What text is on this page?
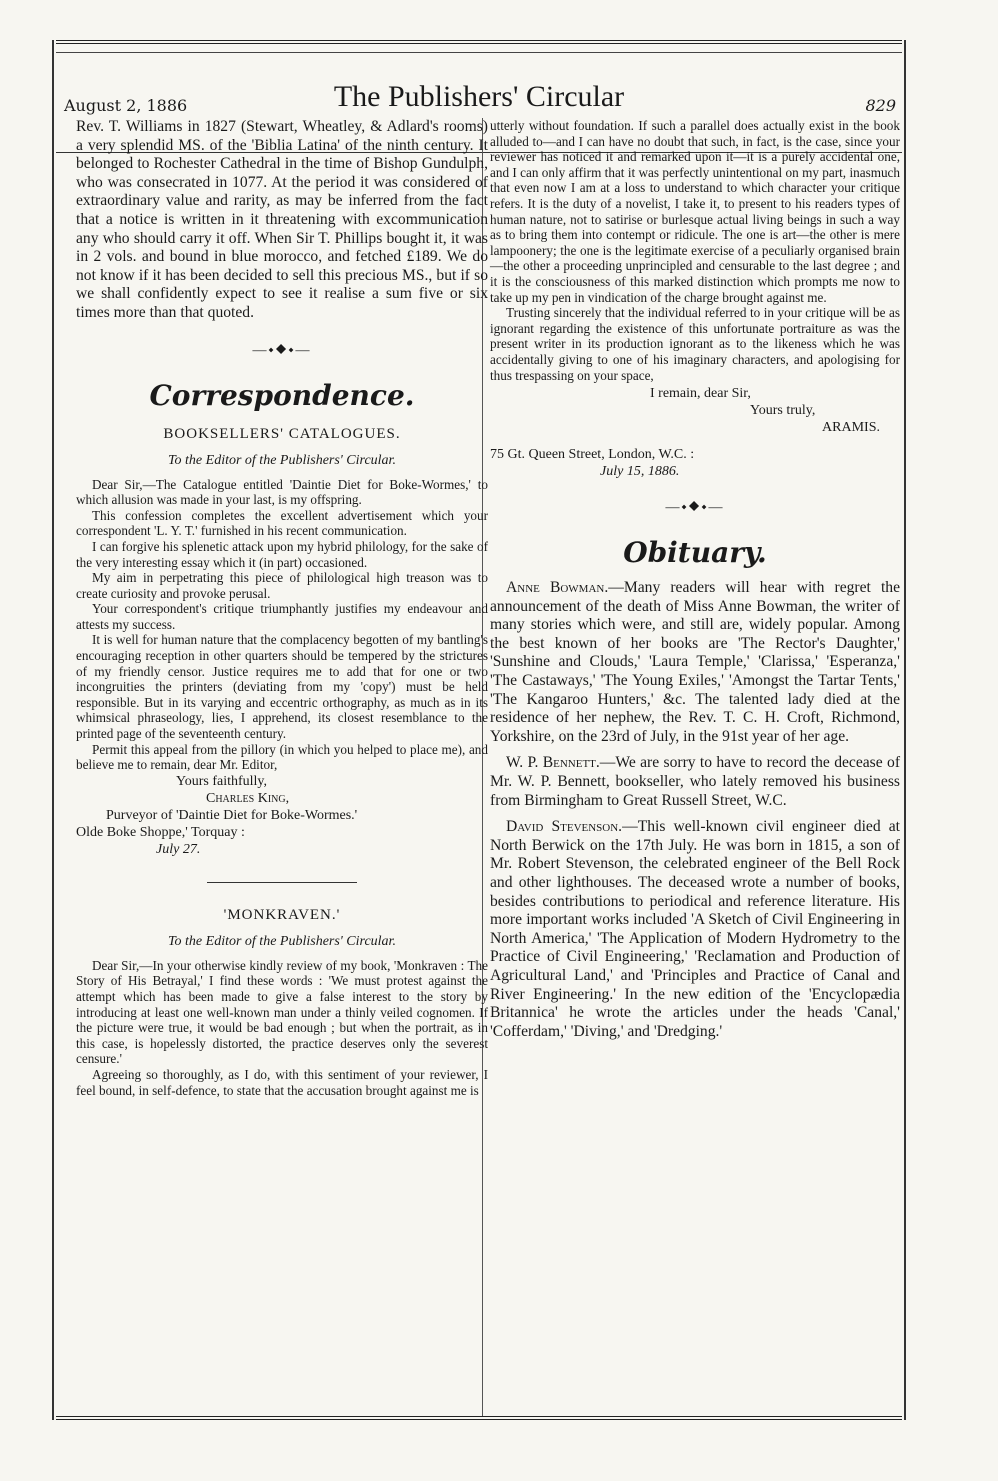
August 2, 1886	The Publishers' Circular	829

Rev. T. Williams in 1827 (Stewart, Wheatley, & Adlard's rooms) a very splendid MS. of the 'Biblia Latina' of the ninth century. It belonged to Rochester Cathedral in the time of Bishop Gundulph, who was consecrated in 1077. At the period it was considered of extraordinary value and rarity, as may be inferred from the fact that a notice is written in it threatening with excommunication any who should carry it off. When Sir T. Phillips bought it, it was in 2 vols. and bound in blue morocco, and fetched £189. We do not know if it has been decided to sell this precious MS., but if so we shall confidently expect to see it realise a sum five or six times more than that quoted.

—⬩◆⬩—
Correspondence.
BOOKSELLERS' CATALOGUES.
To the Editor of the Publishers' Circular.

Dear Sir,—The Catalogue entitled 'Daintie Diet for Boke-Wormes,' to which allusion was made in your last, is my offspring.

This confession completes the excellent advertisement which your correspondent 'L. Y. T.' furnished in his recent communication.

I can forgive his splenetic attack upon my hybrid philology, for the sake of the very interesting essay which it (in part) occasioned.

My aim in perpetrating this piece of philological high treason was to create curiosity and provoke perusal.

Your correspondent's critique triumphantly justifies my endeavour and attests my success.

It is well for human nature that the complacency begotten of my bantling's encouraging reception in other quarters should be tempered by the strictures of my friendly censor. Justice requires me to add that for one or two incongruities the printers (deviating from my 'copy') must be held responsible. But in its varying and eccentric orthography, as much as in its whimsical phraseology, lies, I apprehend, its closest resemblance to the printed page of the seventeenth century.

Permit this appeal from the pillory (in which you helped to place me), and believe me to remain, dear Mr. Editor,

Yours faithfully,
Charles King,
Purveyor of 'Daintie Diet for Boke-Wormes.'
Olde Boke Shoppe,' Torquay :
July 27.
'MONKRAVEN.'
To the Editor of the Publishers' Circular.

Dear Sir,—In your otherwise kindly review of my book, 'Monkraven : The Story of His Betrayal,' I find these words : 'We must protest against the attempt which has been made to give a false interest to the story by introducing at least one well-known man under a thinly veiled cognomen. If the picture were true, it would be bad enough ; but when the portrait, as in this case, is hopelessly distorted, the practice deserves only the severest censure.'

Agreeing so thoroughly, as I do, with this sentiment of your reviewer, I feel bound, in self-defence, to state that the accusation brought against me is

utterly without foundation. If such a parallel does actually exist in the book alluded to—and I can have no doubt that such, in fact, is the case, since your reviewer has noticed it and remarked upon it—it is a purely accidental one, and I can only affirm that it was perfectly unintentional on my part, inasmuch that even now I am at a loss to understand to which character your critique refers. It is the duty of a novelist, I take it, to present to his readers types of human nature, not to satirise or burlesque actual living beings in such a way as to bring them into contempt or ridicule. The one is art—the other is mere lampoonery; the one is the legitimate exercise of a peculiarly organised brain—the other a proceeding unprincipled and censurable to the last degree ; and it is the consciousness of this marked distinction which prompts me now to take up my pen in vindication of the charge brought against me.

Trusting sincerely that the individual referred to in your critique will be as ignorant regarding the existence of this unfortunate portraiture as was the present writer in its production ignorant as to the likeness which he was accidentally giving to one of his imaginary characters, and apologising for thus trespassing on your space,

I remain, dear Sir,
Yours truly,
ARAMIS.
75 Gt. Queen Street, London, W.C. :
July 15, 1886.
—⬩◆⬩—
Obituary.

Anne Bowman.—Many readers will hear with regret the announcement of the death of Miss Anne Bowman, the writer of many stories which were, and still are, widely popular. Among the best known of her books are 'The Rector's Daughter,' 'Sunshine and Clouds,' 'Laura Temple,' 'Clarissa,' 'Esperanza,' 'The Castaways,' 'The Young Exiles,' 'Amongst the Tartar Tents,' 'The Kangaroo Hunters,' &c. The talented lady died at the residence of her nephew, the Rev. T. C. H. Croft, Richmond, Yorkshire, on the 23rd of July, in the 91st year of her age.

W. P. Bennett.—We are sorry to have to record the decease of Mr. W. P. Bennett, bookseller, who lately removed his business from Birmingham to Great Russell Street, W.C.

David Stevenson.—This well-known civil engineer died at North Berwick on the 17th July. He was born in 1815, a son of Mr. Robert Stevenson, the celebrated engineer of the Bell Rock and other lighthouses. The deceased wrote a number of books, besides contributions to periodical and reference literature. His more important works included 'A Sketch of Civil Engineering in North America,' 'The Application of Modern Hydrometry to the Practice of Civil Engineering,' 'Reclamation and Production of Agricultural Land,' and 'Principles and Practice of Canal and River Engineering.' In the new edition of the 'Encyclopædia Britannica' he wrote the articles under the heads 'Canal,' 'Cofferdam,' 'Diving,' and 'Dredging.'
